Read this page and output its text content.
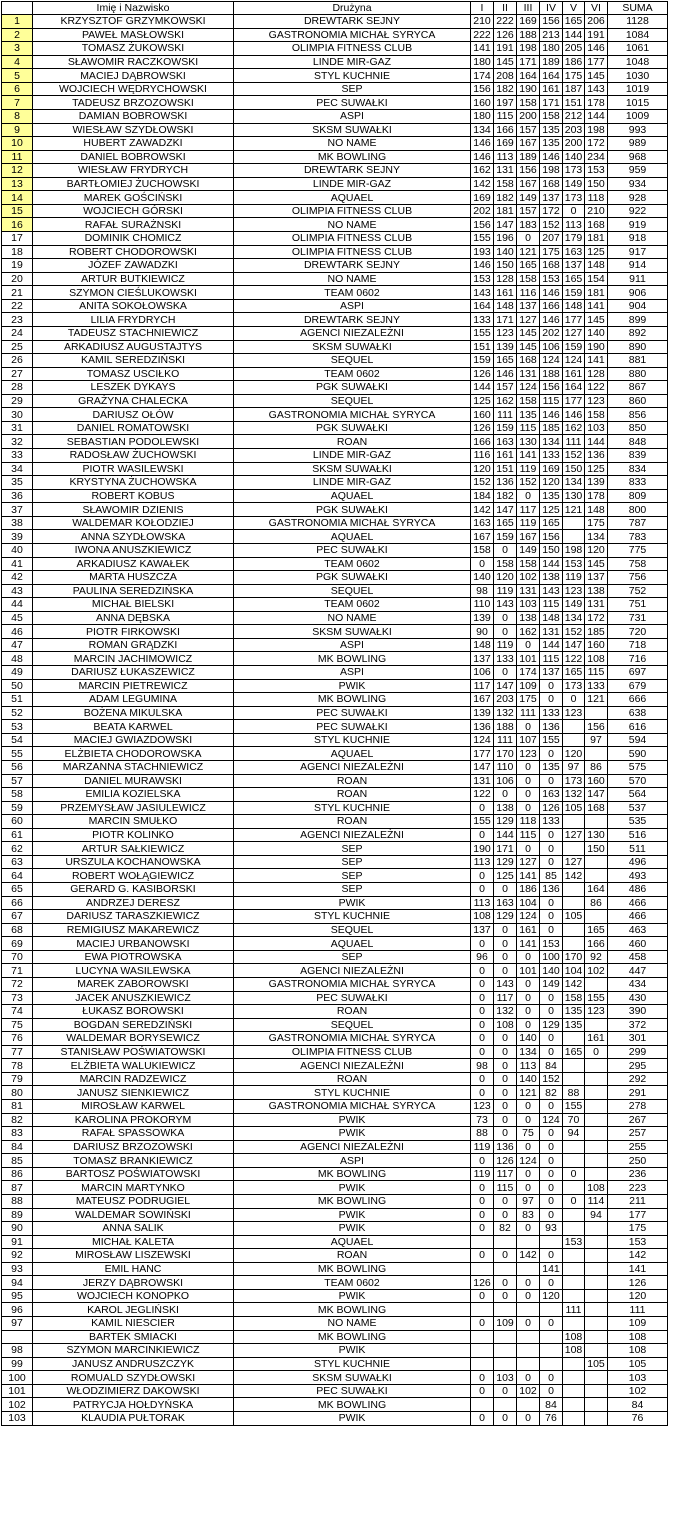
	Imię i Nazwisko	Drużyna	I	II	III	IV	V	VI	SUMA
1	KRZYSZTOF GRZYMKOWSKI	DREWTARK SEJNY	210	222	169	156	165	206	1128
2	PAWEŁ MASŁOWSKI	GASTRONOMIA MICHAŁ SYRYCA	222	126	188	213	144	191	1084
3	TOMASZ ŻUKOWSKI	OLIMPIA FITNESS CLUB	141	191	198	180	205	146	1061
4	SŁAWOMIR RACZKOWSKI	LINDE MIR-GAZ	180	145	171	189	186	177	1048
5	MACIEJ DĄBROWSKI	STYL KUCHNIE	174	208	164	164	175	145	1030
6	WOJCIECH WĘDRYCHOWSKI	SEP	156	182	190	161	187	143	1019
7	TADEUSZ BRZOZOWSKI	PEC SUWAŁKI	160	197	158	171	151	178	1015
8	DAMIAN BOBROWSKI	ASPI	180	115	200	158	212	144	1009
9	WIESŁAW SZYDŁOWSKI	SKSM SUWAŁKI	134	166	157	135	203	198	993
10	HUBERT ZAWADZKI	NO NAME	146	169	167	135	200	172	989
11	DANIEL BOBROWSKI	MK BOWLING	146	113	189	146	140	234	968
12	WIESŁAW FRYDRYCH	DREWTARK SEJNY	162	131	156	198	173	153	959
13	BARTŁOMIEJ ŻUCHOWSKI	LINDE MIR-GAZ	142	158	167	168	149	150	934
14	MAREK GOŚCIŃSKI	AQUAEL	169	182	149	137	173	118	928
15	WOJCIECH GÓRSKI	OLIMPIA FITNESS CLUB	202	181	157	172	0	210	922
16	RAFAŁ SURAŻNSKI	NO NAME	156	147	183	152	113	168	919
17	DOMINIK CHOMICZ	OLIMPIA FITNESS CLUB	155	196	0	207	179	181	918
18	ROBERT CHODOROWSKI	OLIMPIA FITNESS CLUB	193	140	121	175	163	125	917
19	JÓZEF ZAWADZKI	DREWTARK SEJNY	146	150	165	168	137	148	914
20	ARTUR BUTKIEWICZ	NO NAME	153	128	158	153	165	154	911
21	SZYMON CIEŚLUKOWSKI	TEAM 0602	143	161	116	146	159	181	906
22	ANITA SOKOŁOWSKA	ASPI	164	148	137	166	148	141	904
23	LILIA FRYDRYCH	DREWTARK SEJNY	133	171	127	146	177	145	899
24	TADEUSZ STACHNIEWICZ	AGENCI NIEZALEŻNI	155	123	145	202	127	140	892
25	ARKADIUSZ AUGUSTAJTYS	SKSM SUWAŁKI	151	139	145	106	159	190	890
26	KAMIL SEREDZIŃSKI	SEQUEL	159	165	168	124	124	141	881
27	TOMASZ USCIŁKO	TEAM 0602	126	146	131	188	161	128	880
28	LESZEK DYKAYS	PGK SUWAŁKI	144	157	124	156	164	122	867
29	GRAŻYNA CHALECKA	SEQUEL	125	162	158	115	177	123	860
30	DARIUSZ OŁÓW	GASTRONOMIA MICHAŁ SYRYCA	160	111	135	146	146	158	856
31	DANIEL ROMATOWSKI	PGK SUWAŁKI	126	159	115	185	162	103	850
32	SEBASTIAN PODOLEWSKI	ROAN	166	163	130	134	111	144	848
33	RADOSŁAW ŻUCHOWSKI	LINDE MIR-GAZ	116	161	141	133	152	136	839
34	PIOTR WASILEWSKI	SKSM SUWAŁKI	120	151	119	169	150	125	834
35	KRYSTYNA ŻUCHOWSKA	LINDE MIR-GAZ	152	136	152	120	134	139	833
36	ROBERT KOBUS	AQUAEL	184	182	0	135	130	178	809
37	SŁAWOMIR DZIENIS	PGK SUWAŁKI	142	147	117	125	121	148	800
38	WALDEMAR KOŁODZIEJ	GASTRONOMIA MICHAŁ SYRYCA	163	165	119	165		175	787
39	ANNA SZYDŁOWSKA	AQUAEL	167	159	167	156		134	783
40	IWONA ANUSZKIEWICZ	PEC SUWAŁKI	158	0	149	150	198	120	775
41	ARKADIUSZ KAWAŁEK	TEAM 0602	0	158	158	144	153	145	758
42	MARTA HUSZCZA	PGK SUWAŁKI	140	120	102	138	119	137	756
43	PAULINA SEREDZIŃSKA	SEQUEL	98	119	131	143	123	138	752
44	MICHAŁ BIELSKI	TEAM 0602	110	143	103	115	149	131	751
45	ANNA DĘBSKA	NO NAME	139	0	138	148	134	172	731
46	PIOTR FIRKOWSKI	SKSM SUWAŁKI	90	0	162	131	152	185	720
47	ROMAN GRĄDZKI	ASPI	148	119	0	144	147	160	718
48	MARCIN JACHIMOWICZ	MK BOWLING	137	133	101	115	122	108	716
49	DARIUSZ ŁUKASZEWICZ	ASPI	106	0	174	137	165	115	697
50	MARCIN PIETREWICZ	PWIK	117	147	109	0	173	133	679
51	ADAM LEGUMINA	MK BOWLING	167	203	175	0	0	121	666
52	BOŻENA MIKULSKA	PEC SUWAŁKI	139	132	111	133	123		638
53	BEATA KARWEL	PEC SUWAŁKI	136	188	0	136		156	616
54	MACIEJ GWIAZDOWSKI	STYL KUCHNIE	124	111	107	155		97	594
55	ELŻBIETA CHODOROWSKA	AQUAEL	177	170	123	0	120		590
56	MARZANNA STACHNIEWICZ	AGENCI NIEZALEŻNI	147	110	0	135	97	86	575
57	DANIEL MURAWSKI	ROAN	131	106	0	0	173	160	570
58	EMILIA KOZIELSKA	ROAN	122	0	0	163	132	147	564
59	PRZEMYSŁAW JASIULEWICZ	STYL KUCHNIE	0	138	0	126	105	168	537
60	MARCIN SMUŁKO	ROAN	155	129	118	133			535
61	PIOTR KOLINKO	AGENCI NIEZALEŻNI	0	144	115	0	127	130	516
62	ARTUR SAŁKIEWICZ	SEP	190	171	0	0		150	511
63	URSZULA KOCHANOWSKA	SEP	113	129	127	0	127		496
64	ROBERT WOŁĄGIEWICZ	SEP	0	125	141	85	142		493
65	GERARD G. KASIBORSKI	SEP	0	0	186	136		164	486
66	ANDRZEJ DERESZ	PWIK	113	163	104	0		86	466
67	DARIUSZ TARASZKIEWICZ	STYL KUCHNIE	108	129	124	0	105		466
68	REMIGIUSZ MAKAREWICZ	SEQUEL	137	0	161	0		165	463
69	MACIEJ URBANOWSKI	AQUAEL	0	0	141	153		166	460
70	EWA PIOTROWSKA	SEP	96	0	0	100	170	92	458
71	LUCYNA WASILEWSKA	AGENCI NIEZALEŻNI	0	0	101	140	104	102	447
72	MAREK ZABOROWSKI	GASTRONOMIA MICHAŁ SYRYCA	0	143	0	149	142		434
73	JACEK ANUSZKIEWICZ	PEC SUWAŁKI	0	117	0	0	158	155	430
74	ŁUKASZ BOROWSKI	ROAN	0	132	0	0	135	123	390
75	BOGDAN SEREDZIŃSKI	SEQUEL	0	108	0	129	135		372
76	WALDEMAR BORYSEWICZ	GASTRONOMIA MICHAŁ SYRYCA	0	0	140	0		161	301
77	STANISŁAW POŚWIATOWSKI	OLIMPIA FITNESS CLUB	0	0	134	0	165	0	299
78	ELŻBIETA WALUKIEWICZ	AGENCI NIEZALEŻNI	98	0	113	84			295
79	MARCIN RADZEWICZ	ROAN	0	0	140	152			292
80	JANUSZ SIENKIEWICZ	STYL KUCHNIE	0	0	121	82	88		291
81	MIROSŁAW KARWEL	GASTRONOMIA MICHAŁ SYRYCA	123	0	0	0	155		278
82	KAROLINA PROKORYM	PWIK	73	0	0	124	70		267
83	RAFAŁ SPASSOWKA	PWIK	88	0	75	0	94		257
84	DARIUSZ BRZOZOWSKI	AGENCI NIEZALEŻNI	119	136	0	0			255
85	TOMASZ BRANKIEWICZ	ASPI	0	126	124	0			250
86	BARTOSZ POŚWIATOWSKI	MK BOWLING	119	117	0	0	0		236
87	MARCIN MARTYNKO	PWIK	0	115	0	0		108	223
88	MATEUSZ PODRUGIEL	MK BOWLING	0	0	97	0	0	114	211
89	WALDEMAR SOWIŃSKI	PWIK	0	0	83	0		94	177
90	ANNA SALIK	PWIK	0	82	0	93			175
91	MICHAŁ KALETA	AQUAEL					153		153
92	MIROSŁAW LISZEWSKI	ROAN	0	0	142	0			142
93	EMIL HANC	MK BOWLING				141			141
94	JERZY DĄBROWSKI	TEAM 0602	126	0	0	0			126
95	WOJCIECH KONOPKO	PWIK	0	0	0	120			120
96	KAROL JEGLIŃSKI	MK BOWLING					111		111
97	KAMIL NIESCIER	NO NAME	0	109	0	0			109
	BARTEK SMIACKI	MK BOWLING					108		108
98	SZYMON MARCINKIEWICZ	PWIK					108		108
99	JANUSZ ANDRUSZCZYK	STYL KUCHNIE						105	105
100	ROMUALD SZYDŁOWSKI	SKSM SUWAŁKI	0	103	0	0			103
101	WŁODZIMIERZ DAKOWSKI	PEC SUWAŁKI	0	0	102	0			102
102	PATRYCJA HOŁDYŃSKA	MK BOWLING				84			84
103	KLAUDIA PUŁTORAK	PWIK	0	0	0	76			76
